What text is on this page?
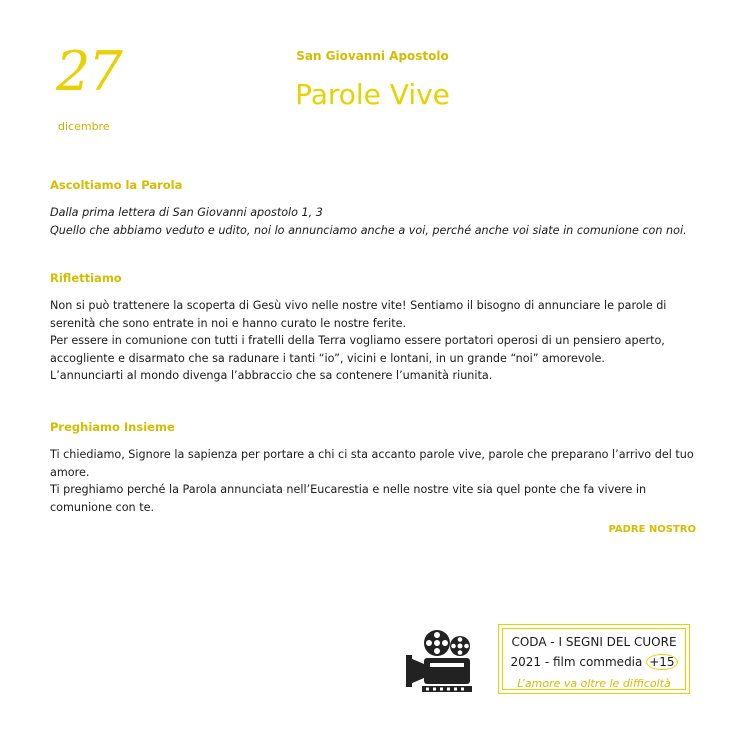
27
dicembre
San Giovanni Apostolo
Parole Vive
Ascoltiamo la Parola

Dalla prima lettera di San Giovanni apostolo 1, 3

Quello che abbiamo veduto e udito, noi lo annunciamo anche a voi, perché anche voi siate in comunione con noi.

Riflettiamo

Non si può trattenere la scoperta di Gesù vivo nelle nostre vite! Sentiamo il bisogno di annunciare le parole di serenità che sono entrate in noi e hanno curato le nostre ferite.

Per essere in comunione con tutti i fratelli della Terra vogliamo essere portatori operosi di un pensiero aperto, accogliente e disarmato che sa radunare i tanti “io”, vicini e lontani, in un grande “noi” amorevole.

L’annunciarti al mondo divenga l’abbraccio che sa contenere l’umanità riunita.

Preghiamo Insieme

Ti chiediamo, Signore la sapienza per portare a chi ci sta accanto parole vive, parole che preparano l’arrivo del tuo amore.

Ti preghiamo perché la Parola annunciata nell’Eucarestia e nelle nostre vite sia quel ponte che fa vivere in comunione con te.

PADRE NOSTRO
CODA - I SEGNI DEL CUORE
2021 - film commedia +15
L’amore va oltre le difficoltà
